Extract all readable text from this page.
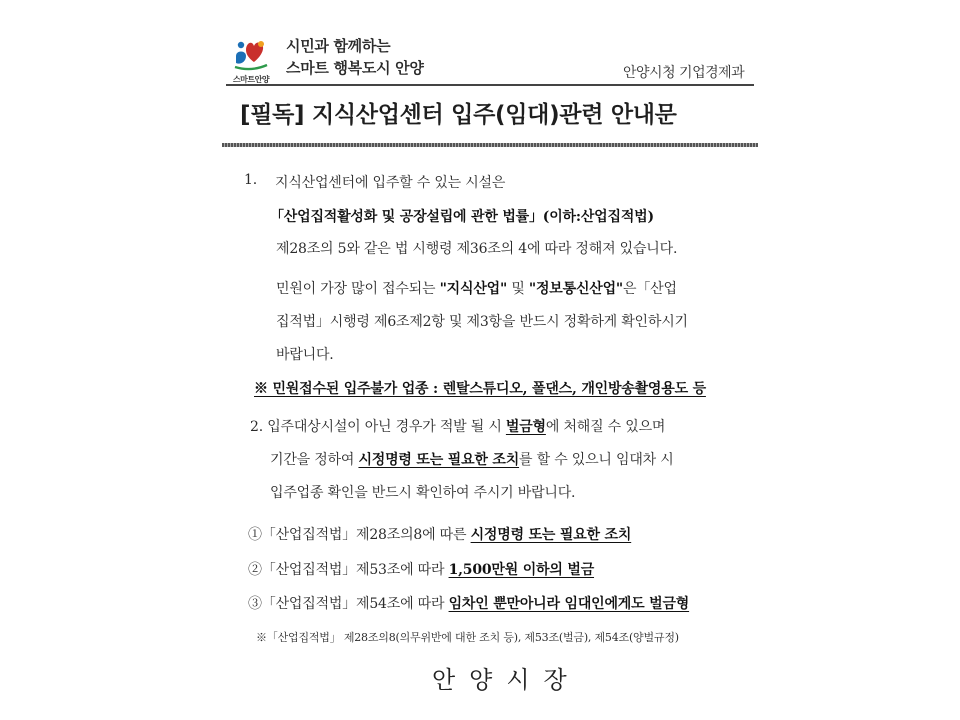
스마트안양
시민과 함께하는
스마트 행복도시 안양	안양시청 기업경제과
[필독] 지식산업센터 입주(임대)관련 안내문
1. 지식산업센터에 입주할 수 있는 시설은
「산업집적활성화 및 공장설립에 관한 법률」(이하:산업집적법)
제28조의 5와 같은 법 시행령 제36조의 4에 따라 정해져 있습니다.
민원이 가장 많이 접수되는 "지식산업" 및 "정보통신산업"은「산업
집적법」시행령 제6조제2항 및 제3항을 반드시 정확하게 확인하시기
바랍니다.
※ 민원접수된 입주불가 업종 : 렌탈스튜디오, 폴댄스, 개인방송촬영용도 등
2. 입주대상시설이 아닌 경우가 적발 될 시 벌금형에 처해질 수 있으며
기간을 정하여 시정명령 또는 필요한 조치를 할 수 있으니 임대차 시
입주업종 확인을 반드시 확인하여 주시기 바랍니다.
①「산업집적법」제28조의8에 따른 시정명령 또는 필요한 조치
②「산업집적법」제53조에 따라 1,500만원 이하의 벌금
③「산업집적법」제54조에 따라 임차인 뿐만아니라 임대인에게도 벌금형
※「산업집적법」 제28조의8(의무위반에 대한 조치 등), 제53조(벌금), 제54조(양벌규정)
안양시장
